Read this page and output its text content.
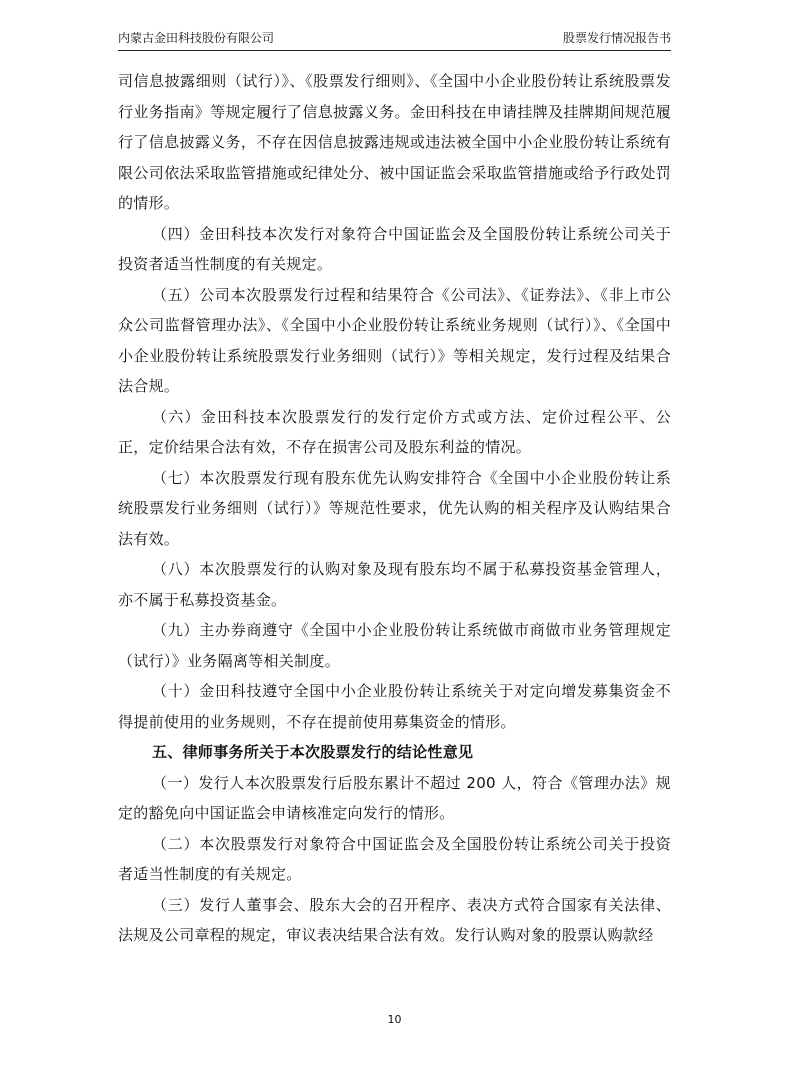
内蒙古金田科技股份有限公司	股票发行情况报告书

司信息披露细则（试行）》、《股票发行细则》、《全国中小企业股份转让系统股票发行业务指南》等规定履行了信息披露义务。金田科技在申请挂牌及挂牌期间规范履行了信息披露义务，不存在因信息披露违规或违法被全国中小企业股份转让系统有限公司依法采取监管措施或纪律处分、被中国证监会采取监管措施或给予行政处罚的情形。

（四）金田科技本次发行对象符合中国证监会及全国股份转让系统公司关于投资者适当性制度的有关规定。

（五）公司本次股票发行过程和结果符合《公司法》、《证券法》、《非上市公众公司监督管理办法》、《全国中小企业股份转让系统业务规则（试行）》、《全国中小企业股份转让系统股票发行业务细则（试行）》等相关规定，发行过程及结果合法合规。

（六）金田科技本次股票发行的发行定价方式或方法、定价过程公平、公正，定价结果合法有效，不存在损害公司及股东利益的情况。

（七）本次股票发行现有股东优先认购安排符合《全国中小企业股份转让系统股票发行业务细则（试行）》等规范性要求，优先认购的相关程序及认购结果合法有效。

（八）本次股票发行的认购对象及现有股东均不属于私募投资基金管理人，亦不属于私募投资基金。

（九）主办券商遵守《全国中小企业股份转让系统做市商做市业务管理规定（试行）》业务隔离等相关制度。

（十）金田科技遵守全国中小企业股份转让系统关于对定向增发募集资金不得提前使用的业务规则，不存在提前使用募集资金的情形。

五、律师事务所关于本次股票发行的结论性意见

（一）发行人本次股票发行后股东累计不超过 200 人，符合《管理办法》规定的豁免向中国证监会申请核准定向发行的情形。

（二）本次股票发行对象符合中国证监会及全国股份转让系统公司关于投资者适当性制度的有关规定。

（三）发行人董事会、股东大会的召开程序、表决方式符合国家有关法律、法规及公司章程的规定，审议表决结果合法有效。发行认购对象的股票认购款经

10
